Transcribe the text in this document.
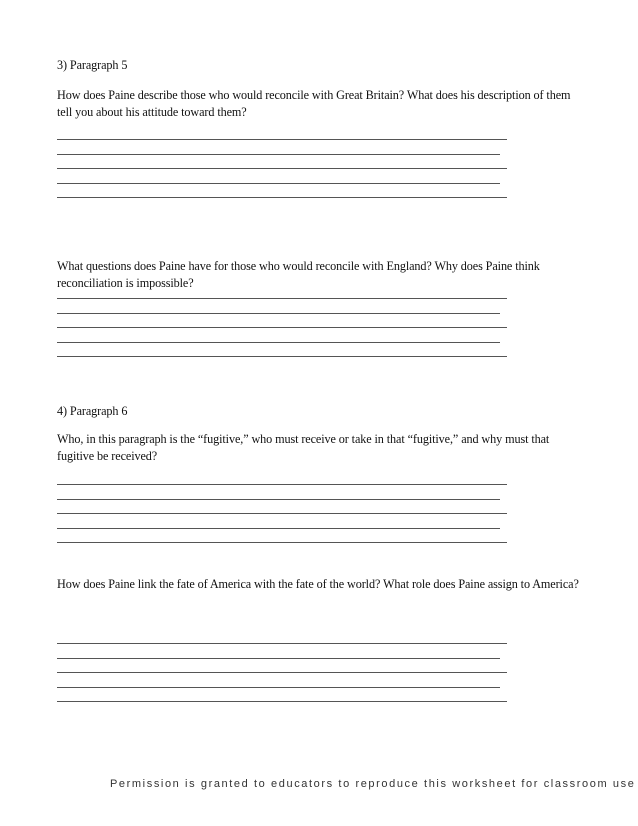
3) Paragraph 5
How does Paine describe those who would reconcile with Great Britain? What does his description of them tell you about his attitude toward them?
What questions does Paine have for those who would reconcile with England? Why does Paine think reconciliation is impossible?
4) Paragraph 6
Who, in this paragraph is the “fugitive,” who must receive or take in that “fugitive,” and why must that fugitive be received?
How does Paine link the fate of America with the fate of the world? What role does Paine assign to America?
Permission is granted to educators to reproduce this worksheet for classroom use
